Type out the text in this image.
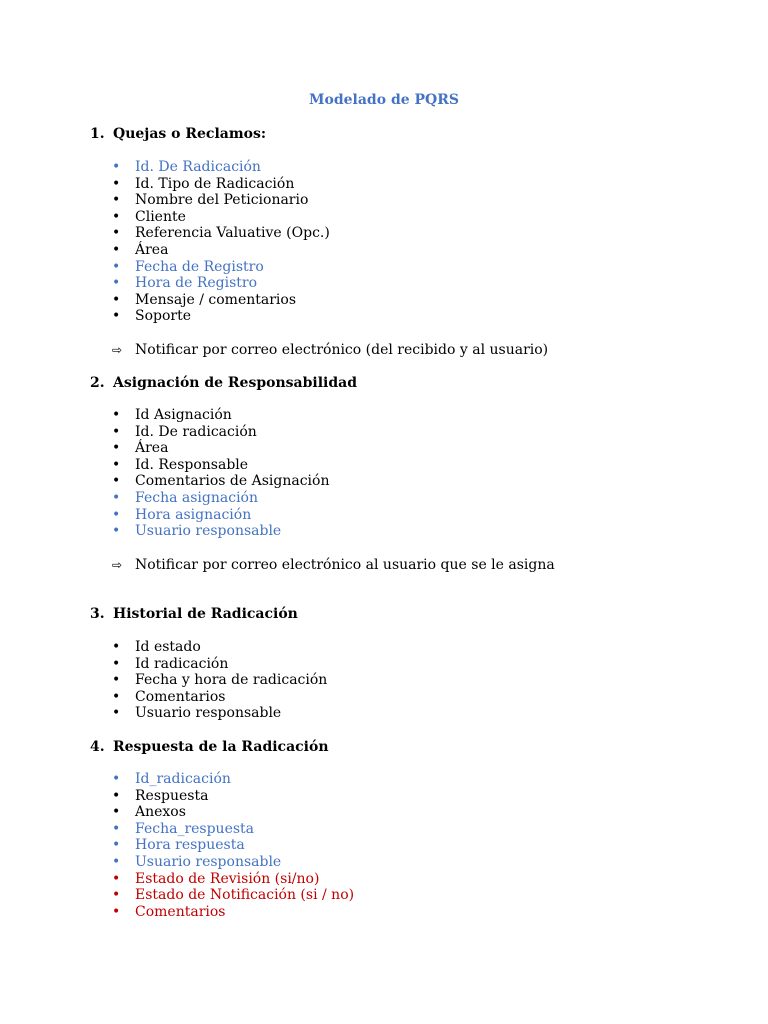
Modelado de PQRS
1. Quejas o Reclamos:
• Id. De Radicación
• Id. Tipo de Radicación
• Nombre del Peticionario
• Cliente
• Referencia Valuative (Opc.)
• Área
• Fecha de Registro
• Hora de Registro
• Mensaje / comentarios
• Soporte
⇨ Notificar por correo electrónico (del recibido y al usuario)
2. Asignación de Responsabilidad
• Id Asignación
• Id. De radicación
• Área
• Id. Responsable
• Comentarios de Asignación
• Fecha asignación
• Hora asignación
• Usuario responsable
⇨ Notificar por correo electrónico al usuario que se le asigna
3. Historial de Radicación
• Id estado
• Id radicación
• Fecha y hora de radicación
• Comentarios
• Usuario responsable
4. Respuesta de la Radicación
• Id_radicación
• Respuesta
• Anexos
• Fecha_respuesta
• Hora respuesta
• Usuario responsable
• Estado de Revisión (si/no)
• Estado de Notificación (si / no)
• Comentarios
